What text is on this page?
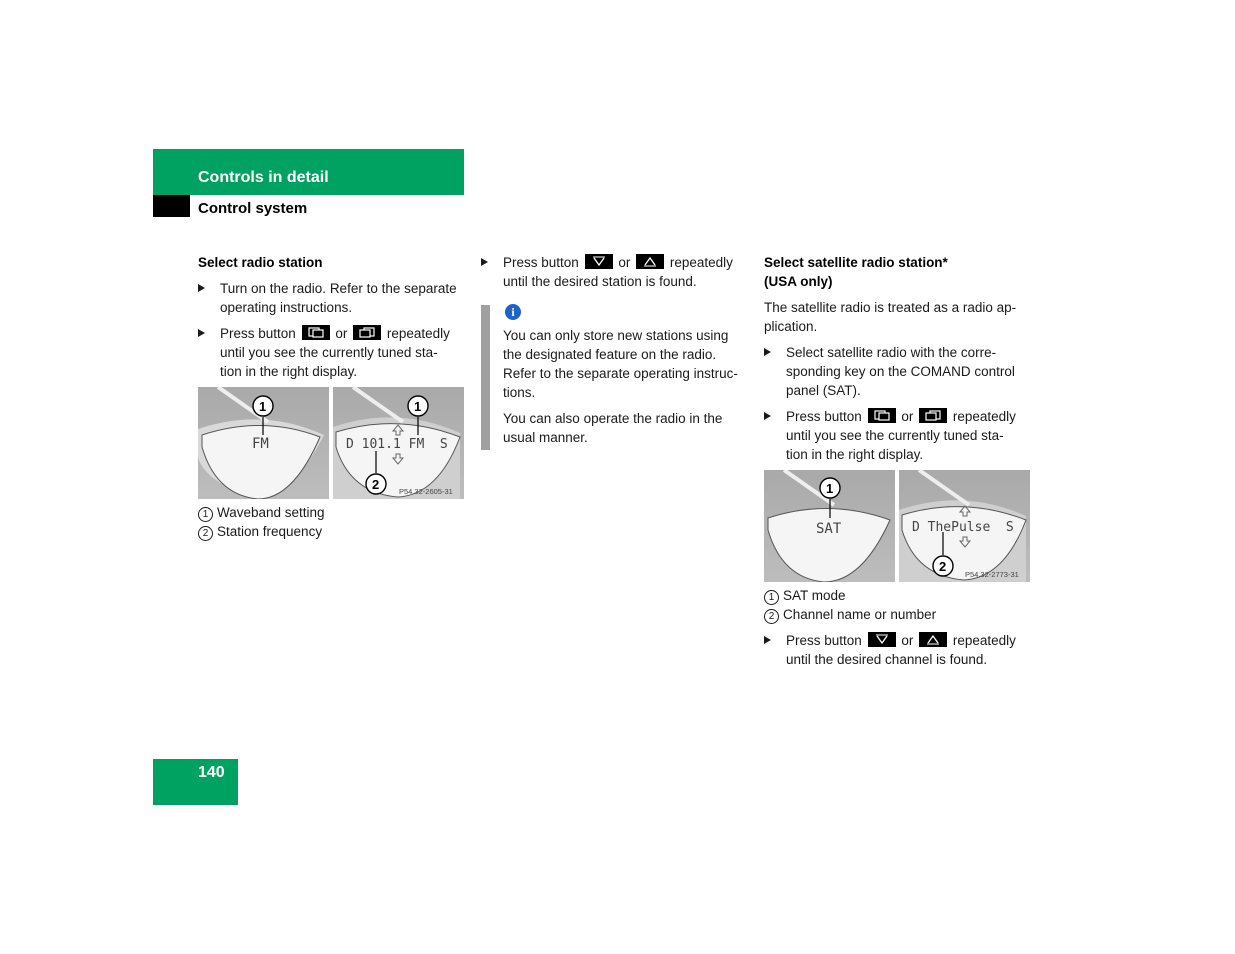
Controls in detail
Control system
Select radio station
Turn on the radio. Refer to the separate
operating instructions.
Press button	or	repeatedly
until you see the currently tuned sta-
tion in the right display.
FM	D 101.1 FM  S
1	1
2	P54.32-2605-31
1 Waveband setting
2 Station frequency
Press button	or	repeatedly
until the desired station is found.
i
You can only store new stations using
the designated feature on the radio.
Refer to the separate operating instruc-
tions.
You can also operate the radio in the
usual manner.
Select satellite radio station*
(USA only)
The satellite radio is treated as a radio ap-
plication.
Select satellite radio with the corre-
sponding key on the COMAND control
panel (SAT).
Press button	or	repeatedly
until you see the currently tuned sta-
tion in the right display.
SAT	D ThePulse  S
1
2
P54.32-2773-31
1 SAT mode
2 Channel name or number
Press button	or	repeatedly
until the desired channel is found.
140
